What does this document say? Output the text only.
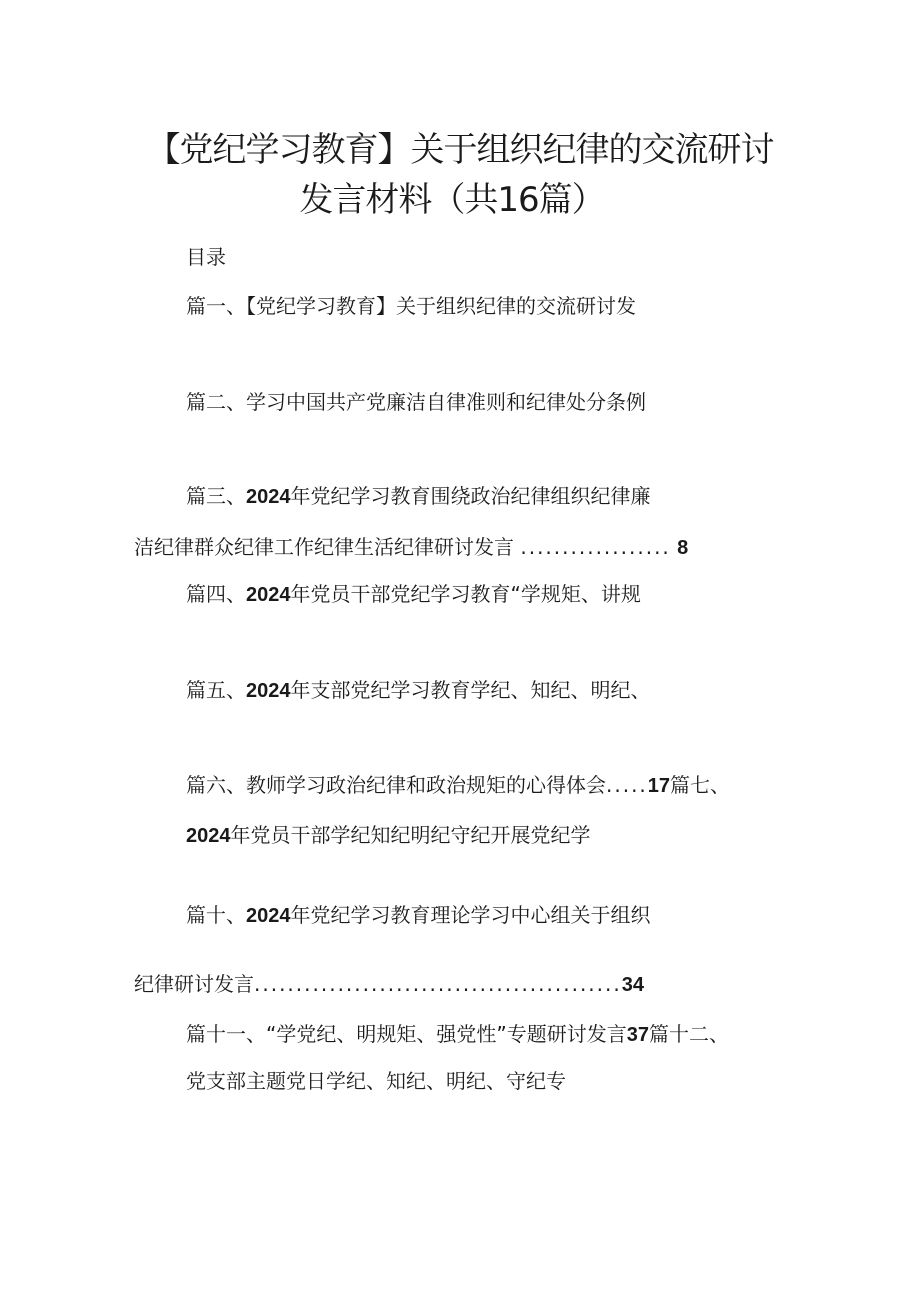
【党纪学习教育】关于组织纪律的交流研讨
发言材料（共16篇）
目录
篇一、【党纪学习教育】关于组织纪律的交流研讨发
篇二、学习中国共产党廉洁自律准则和纪律处分条例
篇三、2024年党纪学习教育围绕政治纪律组织纪律廉
洁纪律群众纪律工作纪律生活纪律研讨发言 .................. 8
篇四、2024年党员干部党纪学习教育“学规矩、讲规
篇五、2024年支部党纪学习教育学纪、知纪、明纪、
篇六、教师学习政治纪律和政治规矩的心得体会.....17篇七、
2024年党员干部学纪知纪明纪守纪开展党纪学
篇十、2024年党纪学习教育理论学习中心组关于组织
纪律研讨发言............................................34
篇十一、“学党纪、明规矩、强党性”专题研讨发言37篇十二、
党支部主题党日学纪、知纪、明纪、守纪专
